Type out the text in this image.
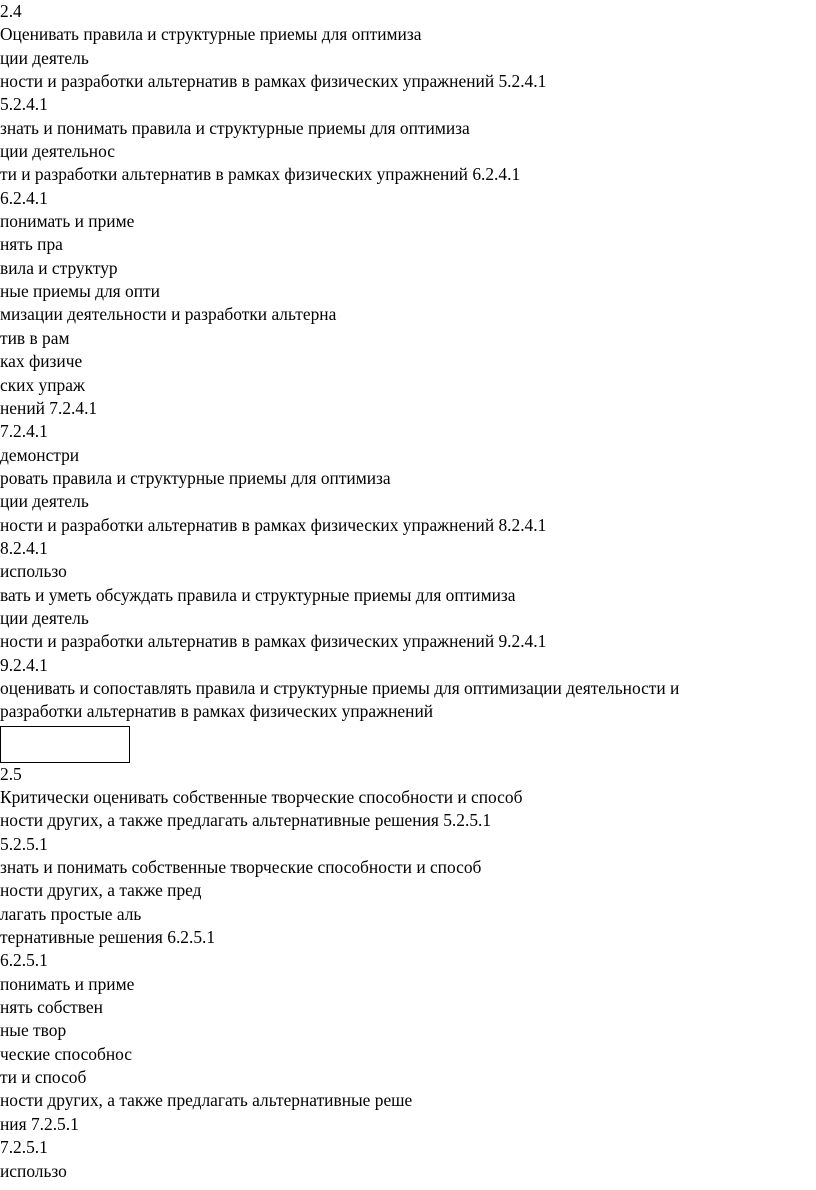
2.4
Оценивать правила и структурные приемы для оптимиза
ции деятель
ности и разработки альтернатив в рамках физических упражнений 5.2.4.1
5.2.4.1
знать и понимать правила и структурные приемы для оптимиза
ции деятельнос
ти и разработки альтернатив в рамках физических упражнений 6.2.4.1
6.2.4.1
понимать и приме
нять пра
вила и структур
ные приемы для опти
мизации деятельности и разработки альтерна
тив в рам
ках физиче
ских упраж
нений 7.2.4.1
7.2.4.1
демонстри
ровать правила и структурные приемы для оптимиза
ции деятель
ности и разработки альтернатив в рамках физических упражнений 8.2.4.1
8.2.4.1
использо
вать и уметь обсуждать правила и структурные приемы для оптимиза
ции деятель
ности и разработки альтернатив в рамках физических упражнений 9.2.4.1
9.2.4.1
оценивать и сопоставлять правила и структурные приемы для оптимизации деятельности и
разработки альтернатив в рамках физических упражнений
2.5
Критически оценивать собственные творческие способности и способ
ности других, а также предлагать альтернативные решения 5.2.5.1
5.2.5.1
знать и понимать собственные творческие способности и способ
ности других, а также пред
лагать простые аль
тернативные решения 6.2.5.1
6.2.5.1
понимать и приме
нять собствен
ные твор
ческие способнос
ти и способ
ности других, а также предлагать альтернативные реше
ния 7.2.5.1
7.2.5.1
использо
